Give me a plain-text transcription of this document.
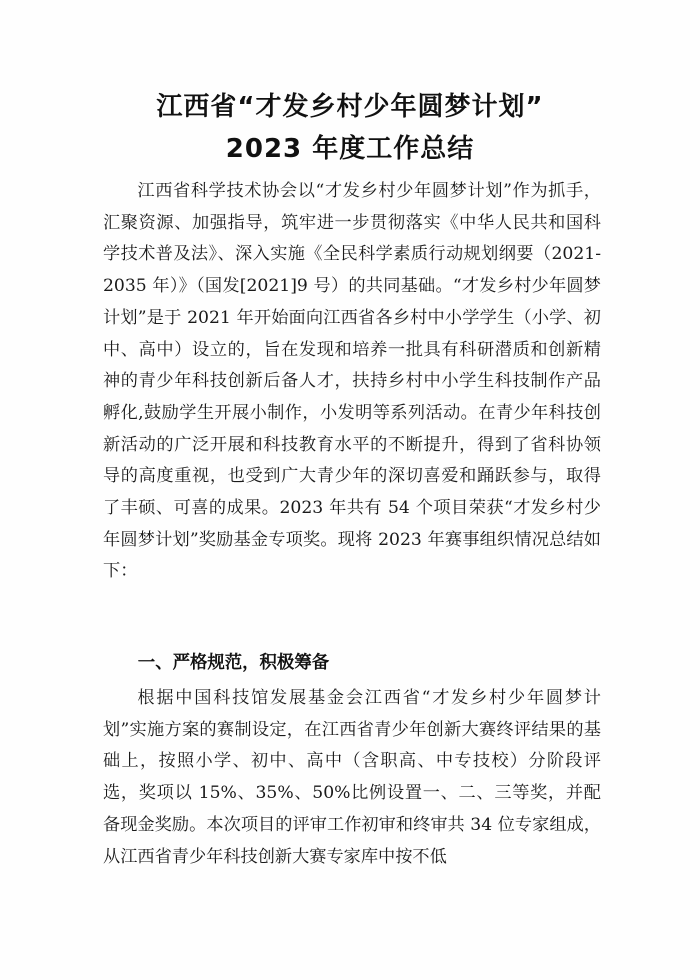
江西省“才发乡村少年圆梦计划”
2023 年度工作总结

江西省科学技术协会以“才发乡村少年圆梦计划”作为抓手，汇聚资源、加强指导，筑牢进一步贯彻落实《中华人民共和国科学技术普及法》、深入实施《全民科学素质行动规划纲要（2021-2035 年）》（国发[2021]9 号）的共同基础。“才发乡村少年圆梦计划”是于 2021 年开始面向江西省各乡村中小学学生（小学、初中、高中）设立的，旨在发现和培养一批具有科研潜质和创新精神的青少年科技创新后备人才，扶持乡村中小学生科技制作产品孵化,鼓励学生开展小制作，小发明等系列活动。在青少年科技创新活动的广泛开展和科技教育水平的不断提升，得到了省科协领导的高度重视，也受到广大青少年的深切喜爱和踊跃参与，取得了丰硕、可喜的成果。2023 年共有 54 个项目荣获“才发乡村少年圆梦计划”奖励基金专项奖。现将 2023 年赛事组织情况总结如下：

一、严格规范，积极筹备

根据中国科技馆发展基金会江西省“才发乡村少年圆梦计划”实施方案的赛制设定，在江西省青少年创新大赛终评结果的基础上，按照小学、初中、高中（含职高、中专技校）分阶段评选，奖项以 15%、35%、50%比例设置一、二、三等奖，并配备现金奖励。本次项目的评审工作初审和终审共 34 位专家组成，从江西省青少年科技创新大赛专家库中按不低
